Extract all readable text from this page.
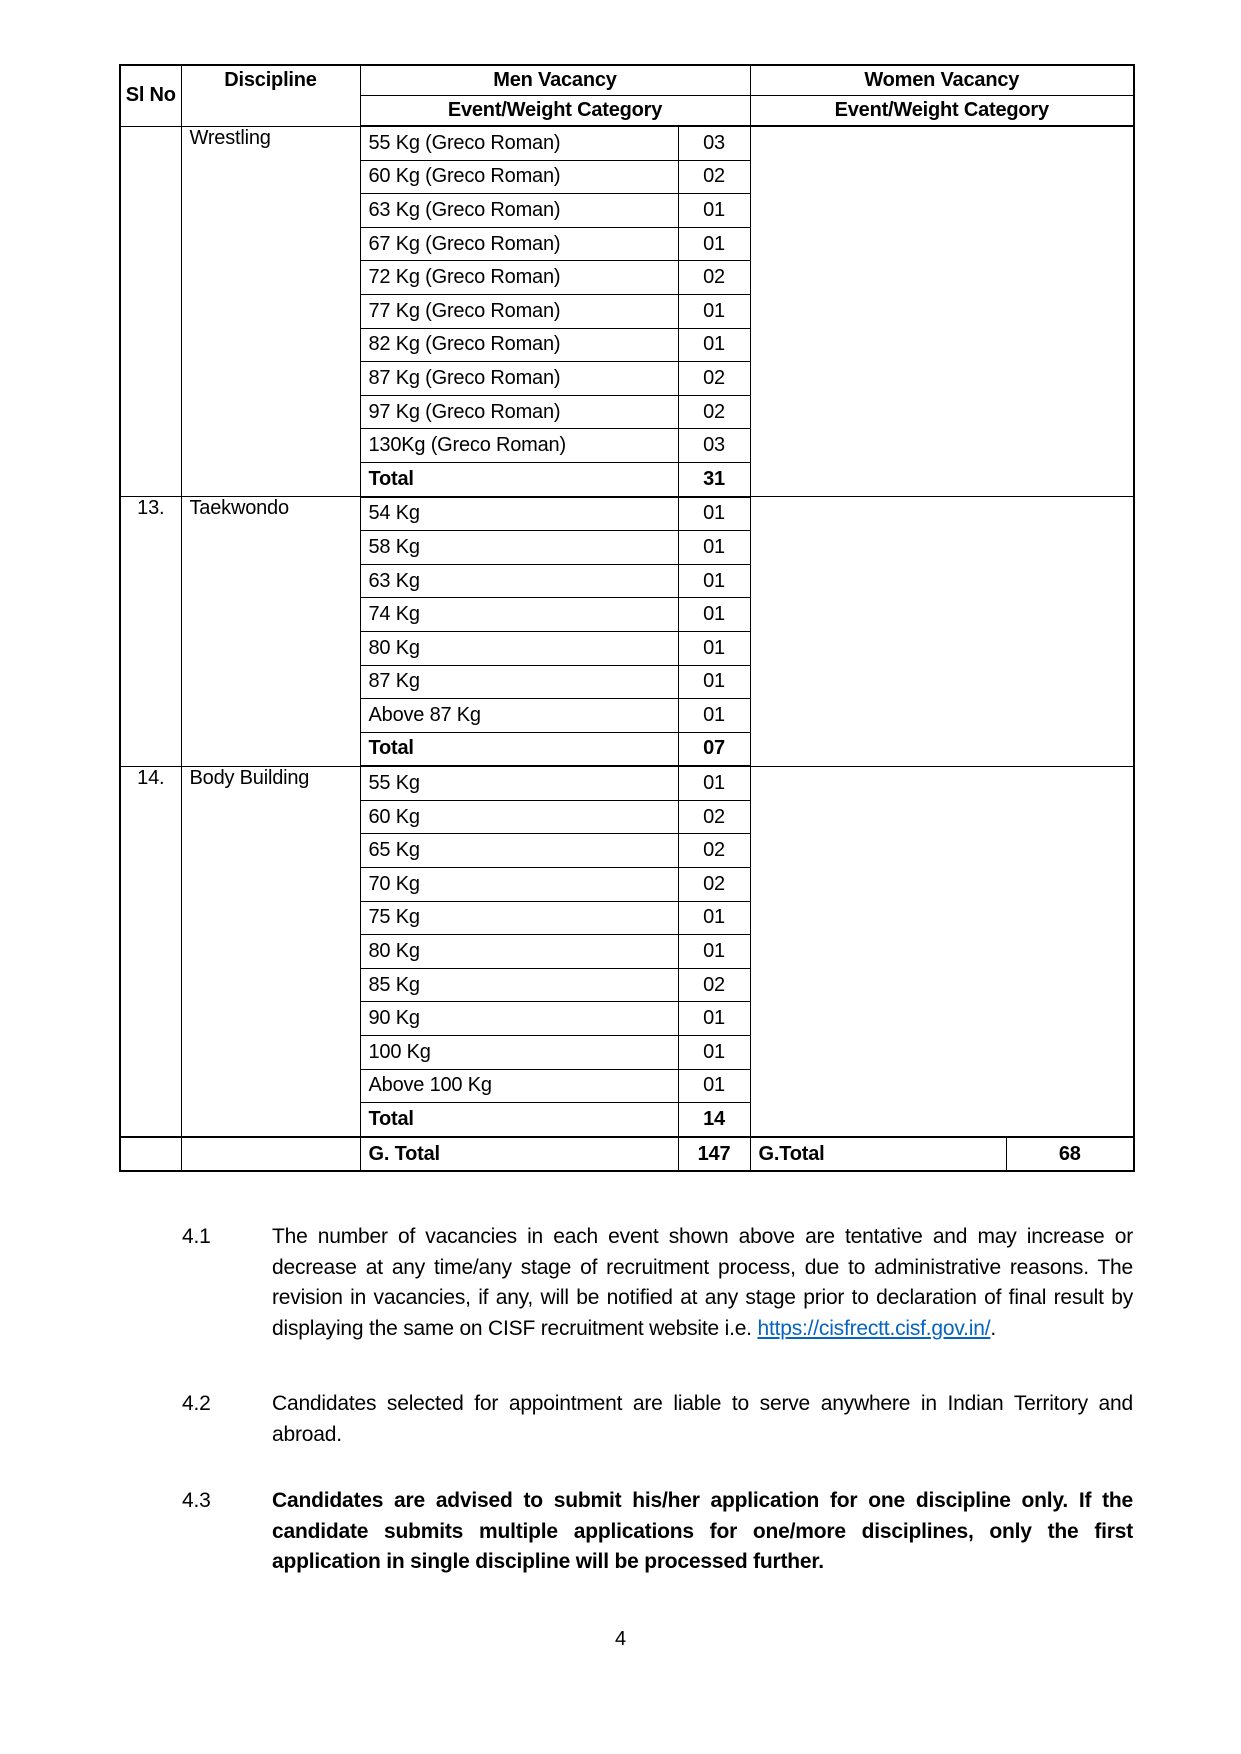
Sl No	Discipline	Men Vacancy		Women Vacancy	
		Event/Weight Category		Event/Weight Category	
	Wrestling	55 Kg (Greco Roman)	03		
		60 Kg (Greco Roman)	02		
		63 Kg (Greco Roman)	01		
		67 Kg (Greco Roman)	01		
		72 Kg (Greco Roman)	02		
		77 Kg (Greco Roman)	01		
		82 Kg (Greco Roman)	01		
		87 Kg (Greco Roman)	02		
		97 Kg (Greco Roman)	02		
		130Kg (Greco Roman)	03		
		Total	31		
13.	Taekwondo	54 Kg	01		
		58 Kg	01		
		63 Kg	01		
		74 Kg	01		
		80 Kg	01		
		87 Kg	01		
		Above 87 Kg	01		
		Total	07		
14.	Body Building	55 Kg	01		
		60 Kg	02		
		65 Kg	02		
		70 Kg	02		
		75 Kg	01		
		80 Kg	01		
		85 Kg	02		
		90 Kg	01		
		100 Kg	01		
		Above 100 Kg	01		
		Total	14		
		G. Total	147	G.Total	68
4.1	The number of vacancies in each event shown above are tentative and may increase or decrease at any time/any stage of recruitment process, due to administrative reasons. The revision in vacancies, if any, will be notified at any stage prior to declaration of final result by displaying the same on CISF recruitment website i.e. https://cisfrectt.cisf.gov.in/.
4.2	Candidates selected for appointment are liable to serve anywhere in Indian Territory and abroad.
4.3	Candidates are advised to submit his/her application for one discipline only. If the candidate submits multiple applications for one/more disciplines, only the first application in single discipline will be processed further.
4
